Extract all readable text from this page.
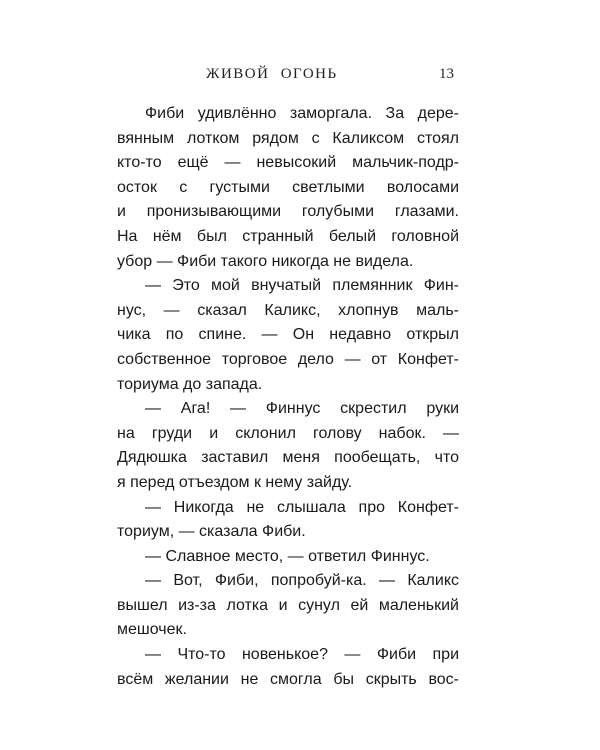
ЖИВОЙ ОГОНЬ	13
Фиби удивлённо заморгала. За дере-
вянным лотком рядом с Каликсом стоял
кто-то ещё — невысокий мальчик-подр-
осток с густыми светлыми волосами
и пронизывающими голубыми глазами.
На нём был странный белый головной
убор — Фиби такого никогда не видела.
— Это мой внучатый племянник Фин-
нус, — сказал Каликс, хлопнув маль-
чика по спине. — Он недавно открыл
собственное торговое дело — от Конфет-
ториума до запада.
— Ага! — Финнус скрестил руки
на груди и склонил голову набок. —
Дядюшка заставил меня пообещать, что
я перед отъездом к нему зайду.
— Никогда не слышала про Конфет-
ториум, — сказала Фиби.
— Славное место, — ответил Финнус.
— Вот, Фиби, попробуй-ка. — Каликс
вышел из-за лотка и сунул ей маленький
мешочек.
— Что-то новенькое? — Фиби при
всём желании не смогла бы скрыть вос-
